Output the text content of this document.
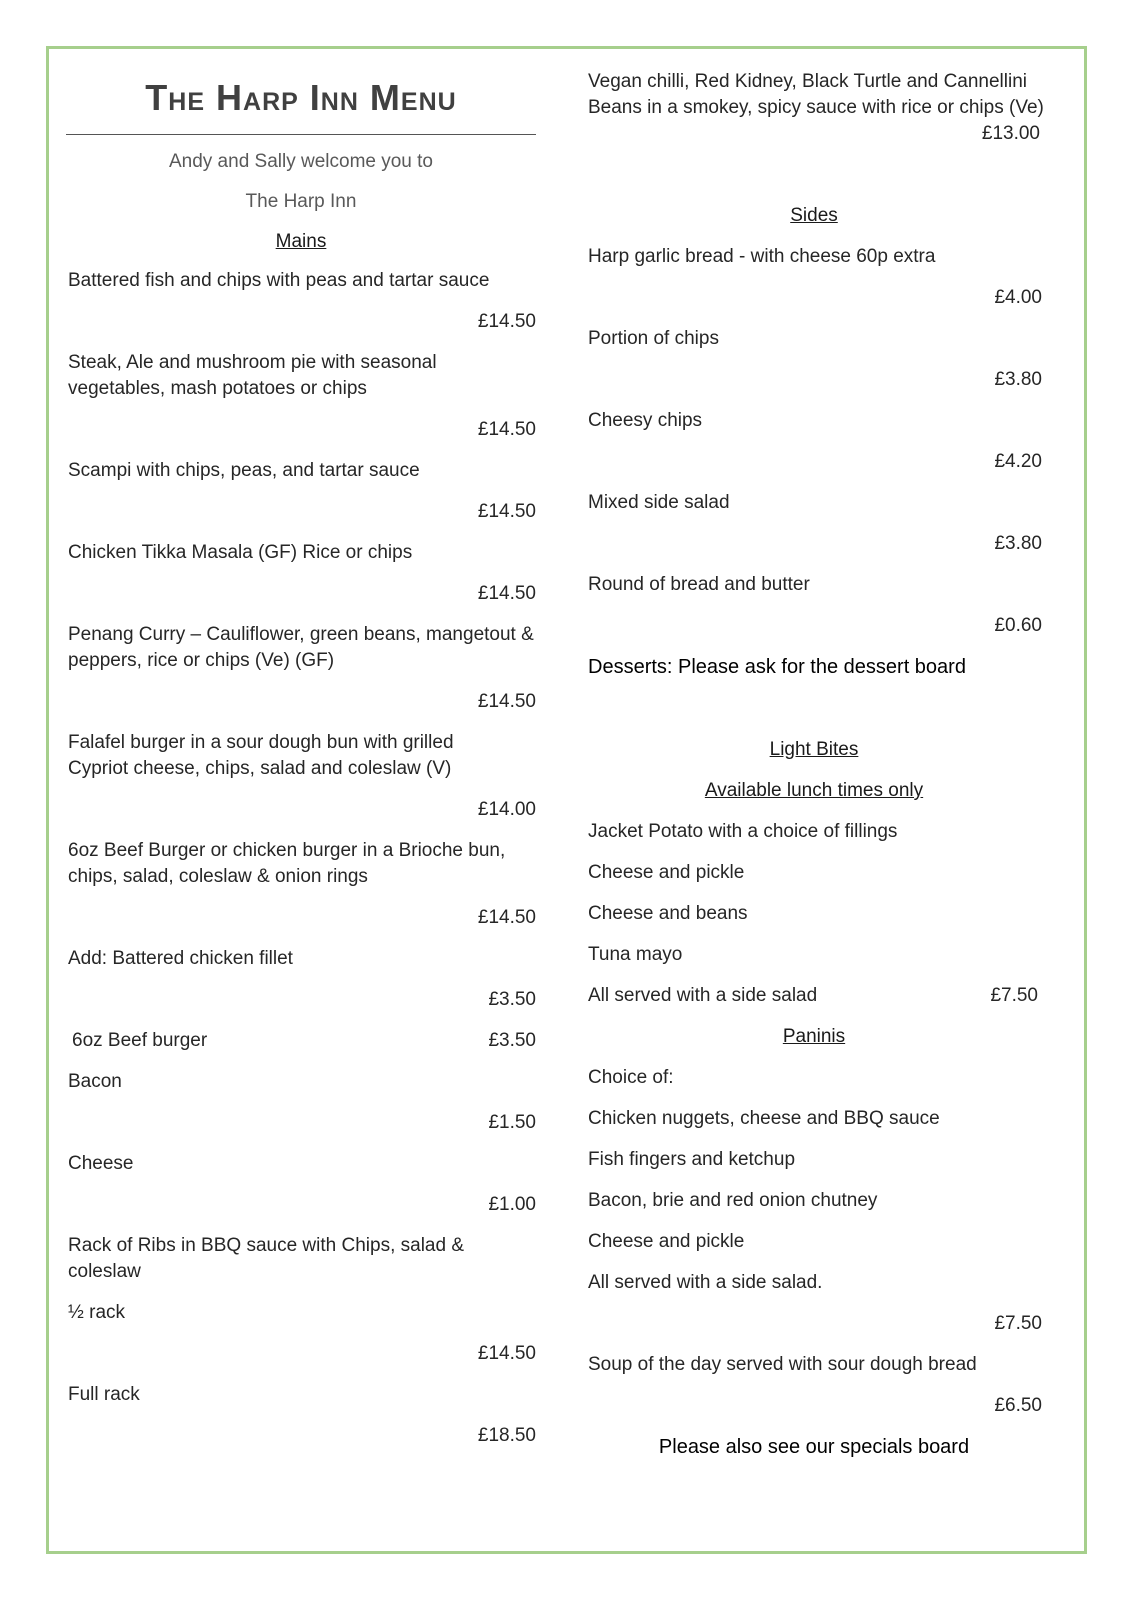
The Harp Inn Menu
Andy and Sally welcome you to
The Harp Inn
Mains
Battered fish and chips with peas and tartar sauce
£14.50
Steak, Ale and mushroom pie with seasonal vegetables, mash potatoes or chips
£14.50
Scampi with chips, peas, and tartar sauce
£14.50
Chicken Tikka Masala (GF) Rice or chips
£14.50
Penang Curry – Cauliflower, green beans, mangetout & peppers, rice or chips (Ve) (GF)
£14.50
Falafel burger in a sour dough bun with grilled Cypriot cheese, chips, salad and coleslaw (V)
£14.00
6oz Beef Burger or chicken burger in a Brioche bun, chips, salad, coleslaw & onion rings
£14.50
Add: Battered chicken fillet
£3.50
6oz Beef burger	£3.50
Bacon
£1.50
Cheese
£1.00
Rack of Ribs in BBQ sauce with Chips, salad & coleslaw
½ rack
£14.50
Full rack
£18.50
Vegan chilli, Red Kidney, Black Turtle and Cannellini Beans in a smokey, spicy sauce with rice or chips (Ve)
£13.00
Sides
Harp garlic bread - with cheese 60p extra
£4.00
Portion of chips
£3.80
Cheesy chips
£4.20
Mixed side salad
£3.80
Round of bread and butter
£0.60
Desserts: Please ask for the dessert board
Light Bites
Available lunch times only
Jacket Potato with a choice of fillings
Cheese and pickle
Cheese and beans
Tuna mayo
All served with a side salad	£7.50
Paninis
Choice of:
Chicken nuggets, cheese and BBQ sauce
Fish fingers and ketchup
Bacon, brie and red onion chutney
Cheese and pickle
All served with a side salad.
£7.50
Soup of the day served with sour dough bread
£6.50
Please also see our specials board
